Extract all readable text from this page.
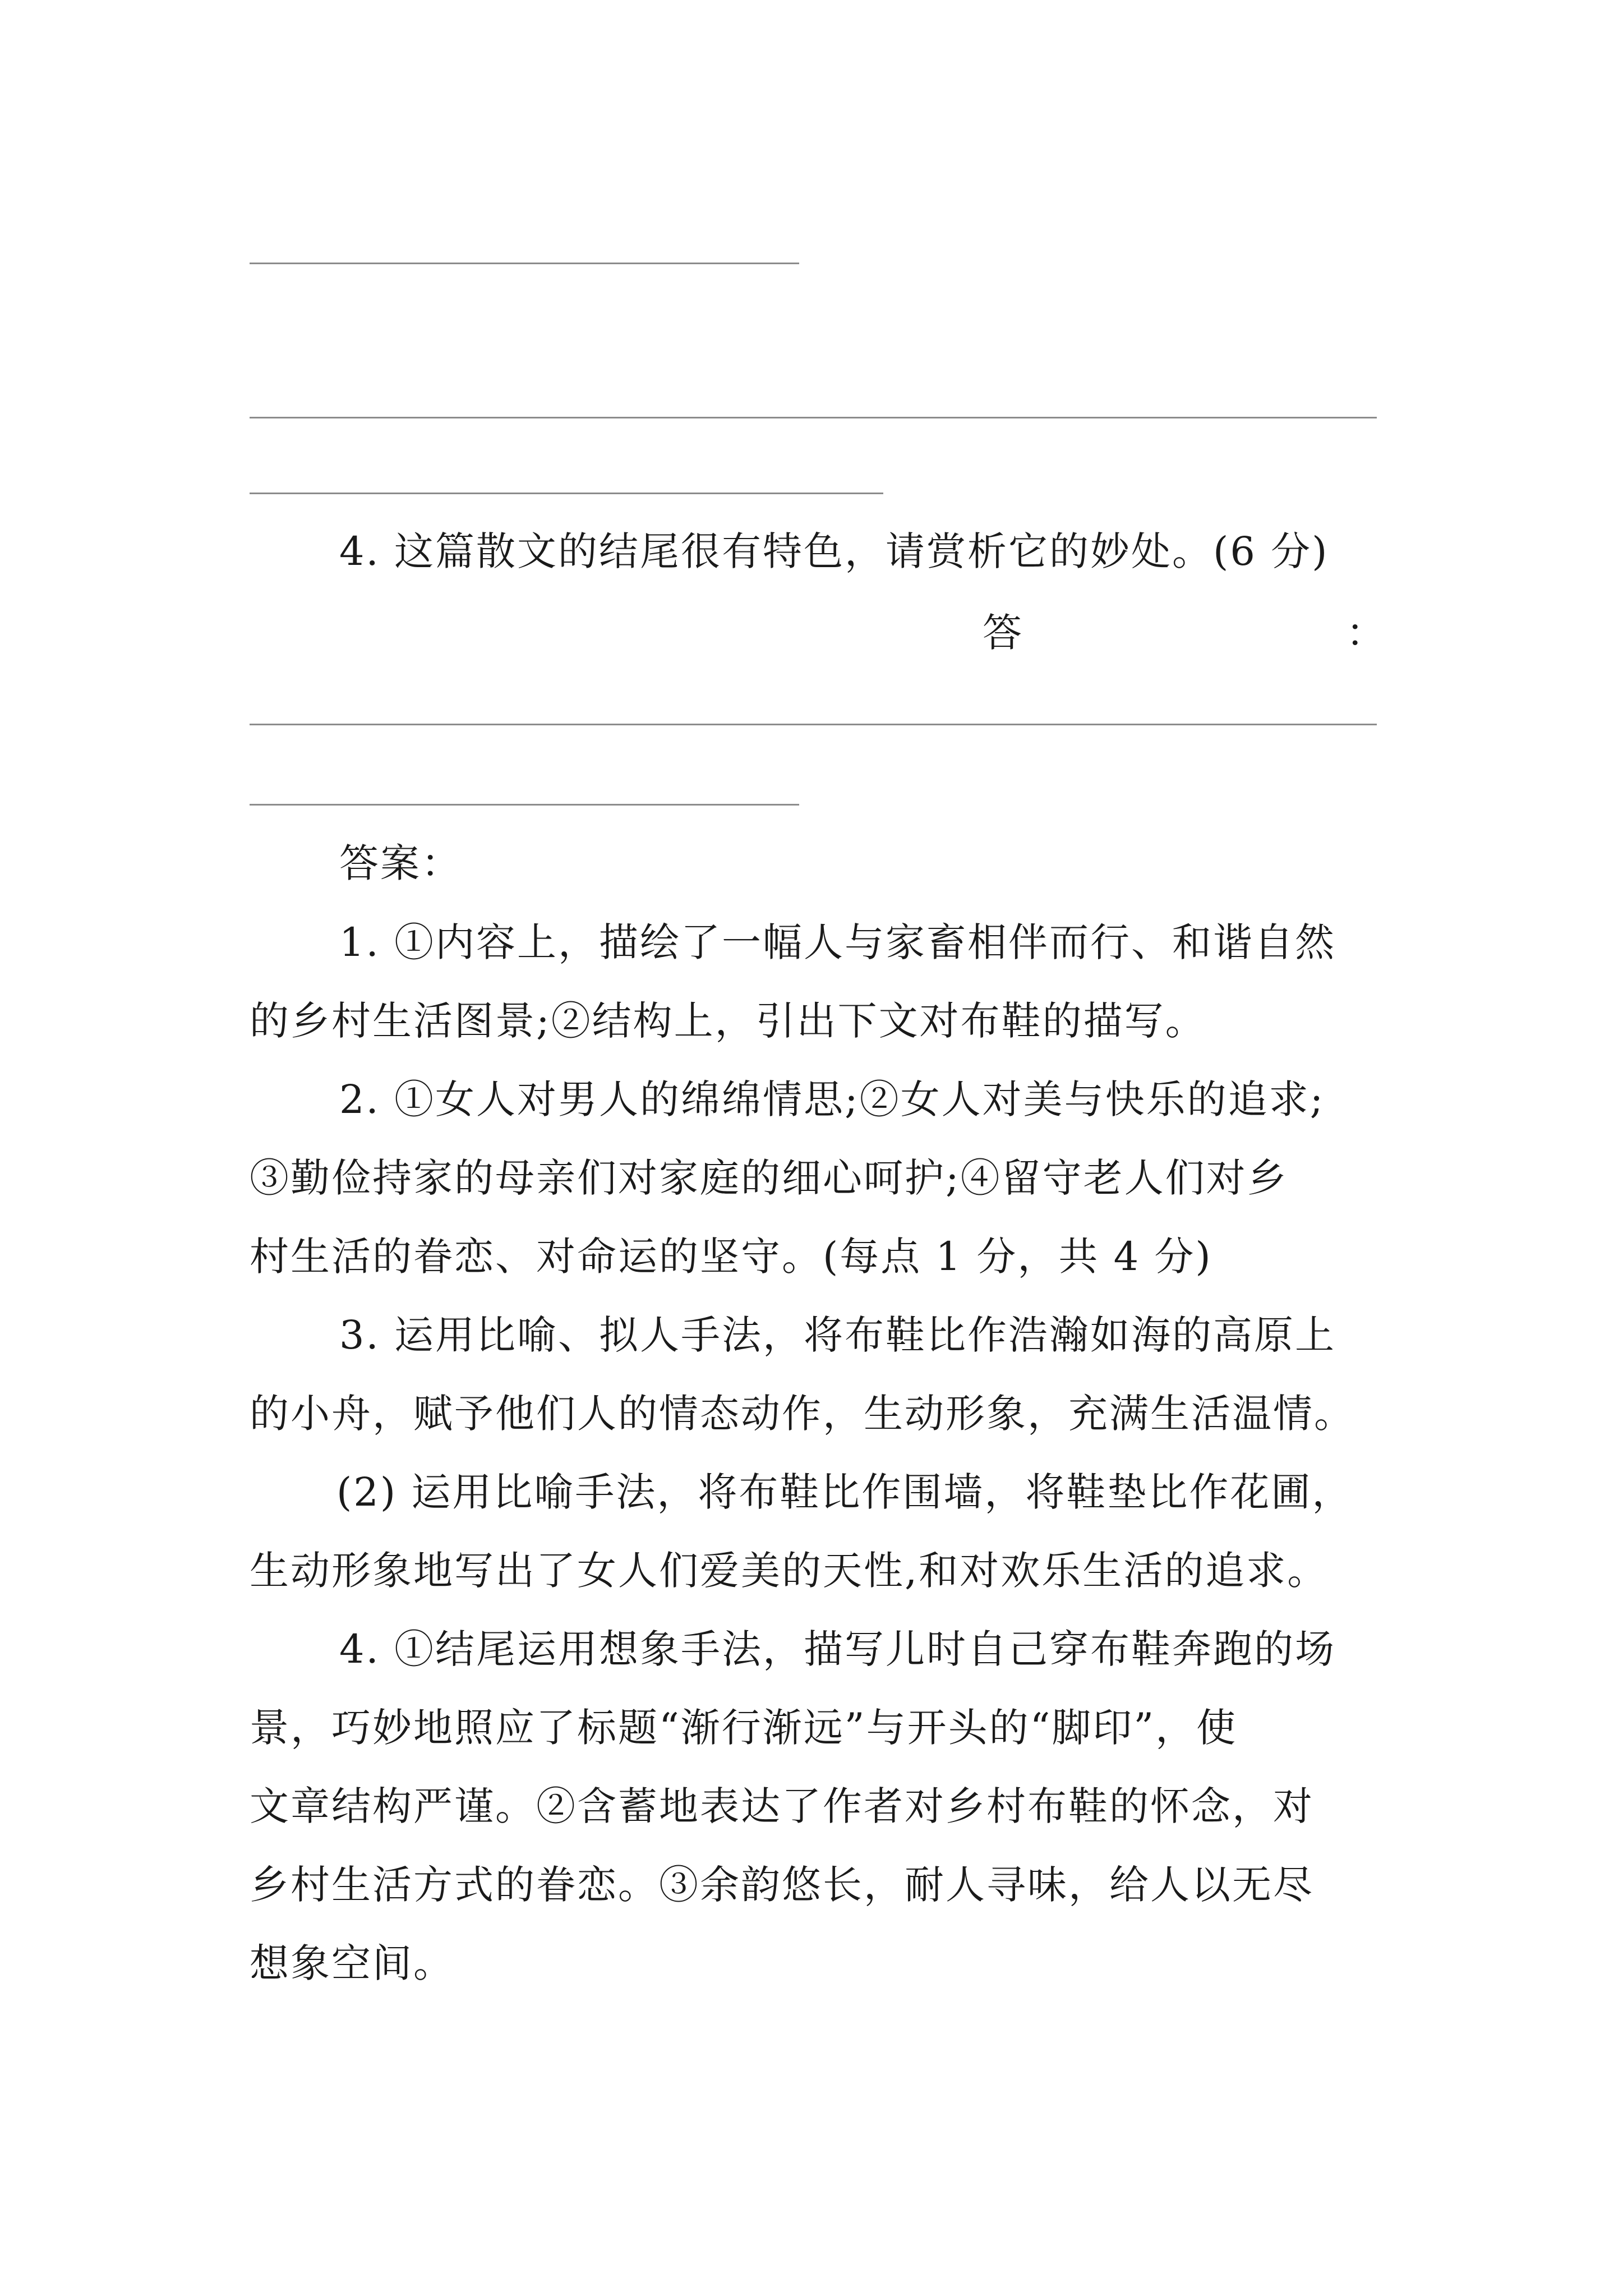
4. 这篇散文的结尾很有特色，请赏析它的妙处。(6 分)
答	：
答案：
1. ①内容上，描绘了一幅人与家畜相伴而行、和谐自然
的乡村生活图景;②结构上，引出下文对布鞋的描写。
2. ①女人对男人的绵绵情思;②女人对美与快乐的追求;
③勤俭持家的母亲们对家庭的细心呵护;④留守老人们对乡
村生活的眷恋、对命运的坚守。(每点 1 分，共 4 分)
3. 运用比喻、拟人手法，将布鞋比作浩瀚如海的高原上
的小舟，赋予他们人的情态动作，生动形象，充满生活温情。
(2) 运用比喻手法，将布鞋比作围墙，将鞋垫比作花圃，
生动形象地写出了女人们爱美的天性,和对欢乐生活的追求。
4. ①结尾运用想象手法，描写儿时自己穿布鞋奔跑的场
景，巧妙地照应了标题“渐行渐远”与开头的“脚印”，使
文章结构严谨。②含蓄地表达了作者对乡村布鞋的怀念，对
乡村生活方式的眷恋。③余韵悠长，耐人寻味，给人以无尽
想象空间。
